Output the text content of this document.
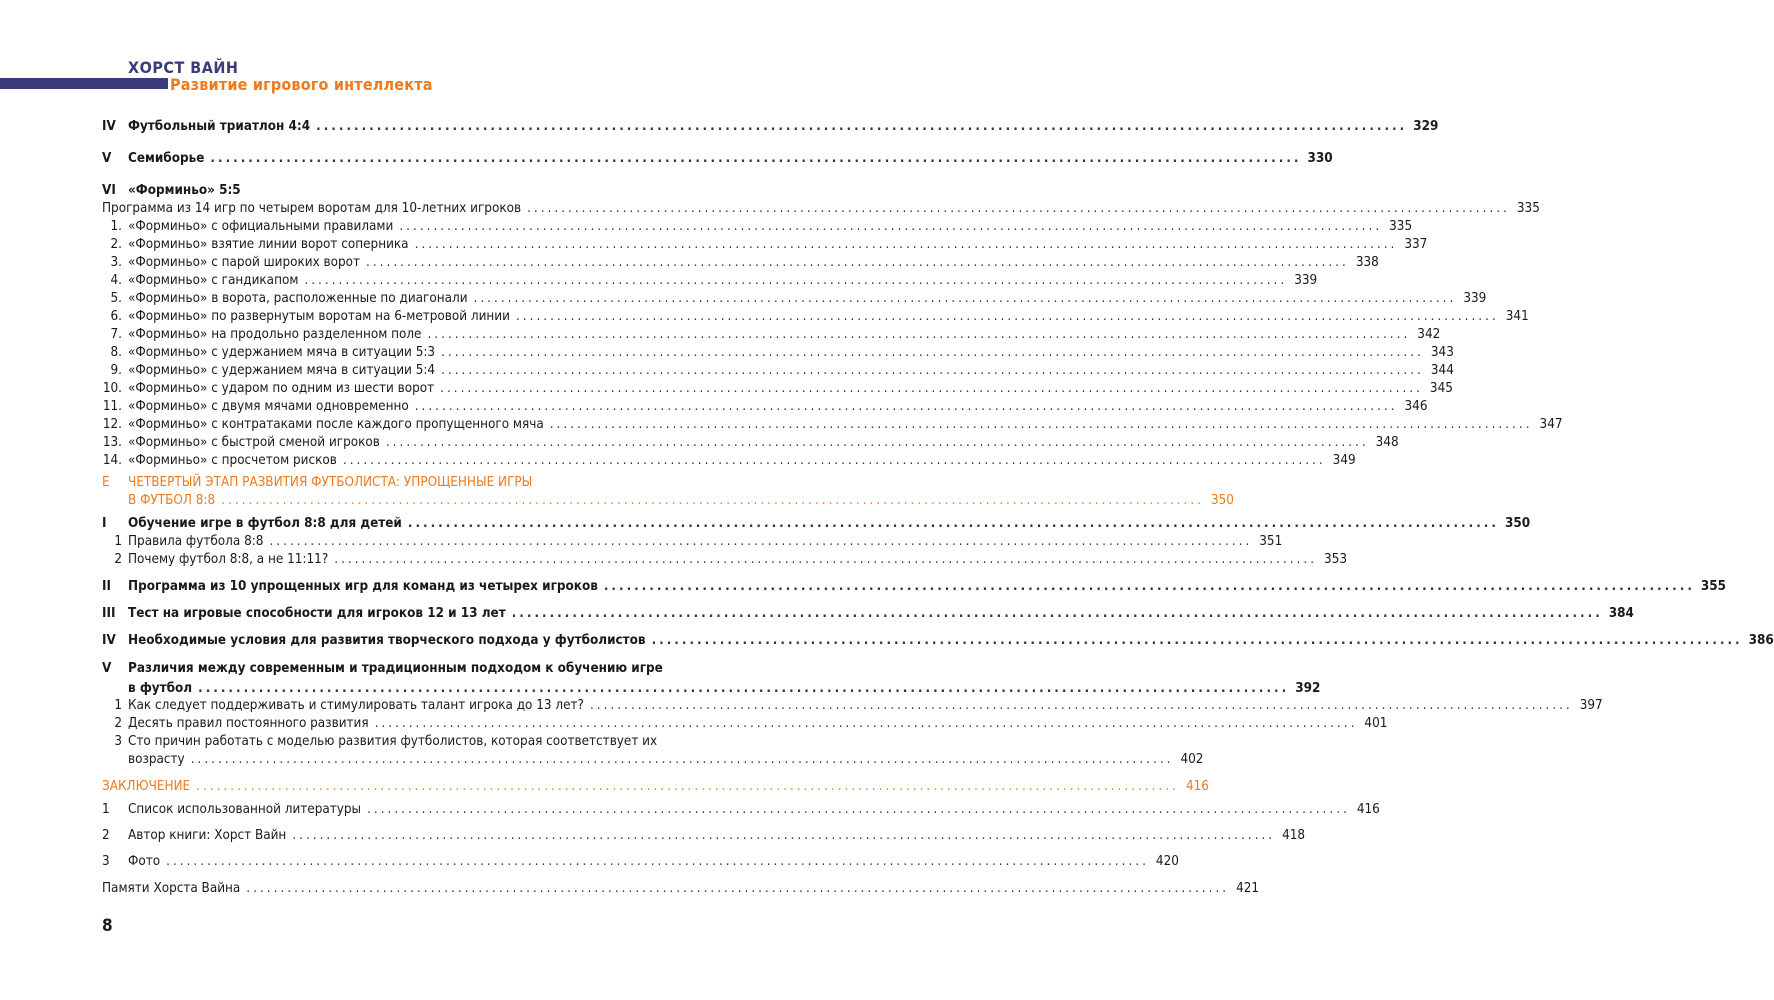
ХОРСТ ВАЙН
Развитие игрового интеллекта
IV Футбольный триатлон 4:4 ................................................................................................................................................ 329
V	Семиборье ................................................................................................................................................ 330
VI «Форминьо» 5:5
Программа из 14 игр по четырем воротам для 10-летних игроков ................................................................................................................................................ 335
1. «Форминьо» с официальными правилами ................................................................................................................................................ 335
2. «Форминьо» взятие линии ворот соперника ................................................................................................................................................ 337
3. «Форминьо» с парой широких ворот ................................................................................................................................................ 338
4. «Форминьо» с гандикапом ................................................................................................................................................ 339
5. «Форминьо» в ворота, расположенные по диагонали ................................................................................................................................................ 339
6. «Форминьо» по развернутым воротам на 6-метровой линии ................................................................................................................................................ 341
7. «Форминьо» на продольно разделенном поле ................................................................................................................................................ 342
8. «Форминьо» с удержанием мяча в ситуации 5:3 ................................................................................................................................................ 343
9. «Форминьо» с удержанием мяча в ситуации 5:4 ................................................................................................................................................ 344
10. «Форминьо» с ударом по одним из шести ворот ................................................................................................................................................ 345
11. «Форминьо» с двумя мячами одновременно ................................................................................................................................................ 346
12. «Форминьо» с контратаками после каждого пропущенного мяча ................................................................................................................................................ 347
13. «Форминьо» с быстрой сменой игроков ................................................................................................................................................ 348
14. «Форминьо» с просчетом рисков ................................................................................................................................................ 349
E	ЧЕТВЕРТЫЙ ЭТАП РАЗВИТИЯ ФУТБОЛИСТА: УПРОЩЕННЫЕ ИГРЫ
В ФУТБОЛ 8:8 ................................................................................................................................................ 350
I	Обучение игре в футбол 8:8 для детей ................................................................................................................................................ 350
1 Правила футбола 8:8 ................................................................................................................................................ 351
2 Почему футбол 8:8, а не 11:11? ................................................................................................................................................ 353
II	Программа из 10 упрощенных игр для команд из четырех игроков ................................................................................................................................................ 355
III Тест на игровые способности для игроков 12 и 13 лет ................................................................................................................................................ 384
IV Необходимые условия для развития творческого подхода у футболистов ................................................................................................................................................ 386
V	Различия между современным и традиционным подходом к обучению игре
в футбол ................................................................................................................................................ 392
1 Как следует поддерживать и стимулировать талант игрока до 13 лет? ................................................................................................................................................ 397
2 Десять правил постоянного развития ................................................................................................................................................ 401
3 Сто причин работать с моделью развития футболистов, которая соответствует их
возрасту ................................................................................................................................................ 402
ЗАКЛЮЧЕНИЕ ................................................................................................................................................ 416
1	Список использованной литературы ................................................................................................................................................ 416
2	Автор книги: Хорст Вайн ................................................................................................................................................ 418
3	Фото ................................................................................................................................................ 420
Памяти Хорста Вайна ................................................................................................................................................ 421
8
